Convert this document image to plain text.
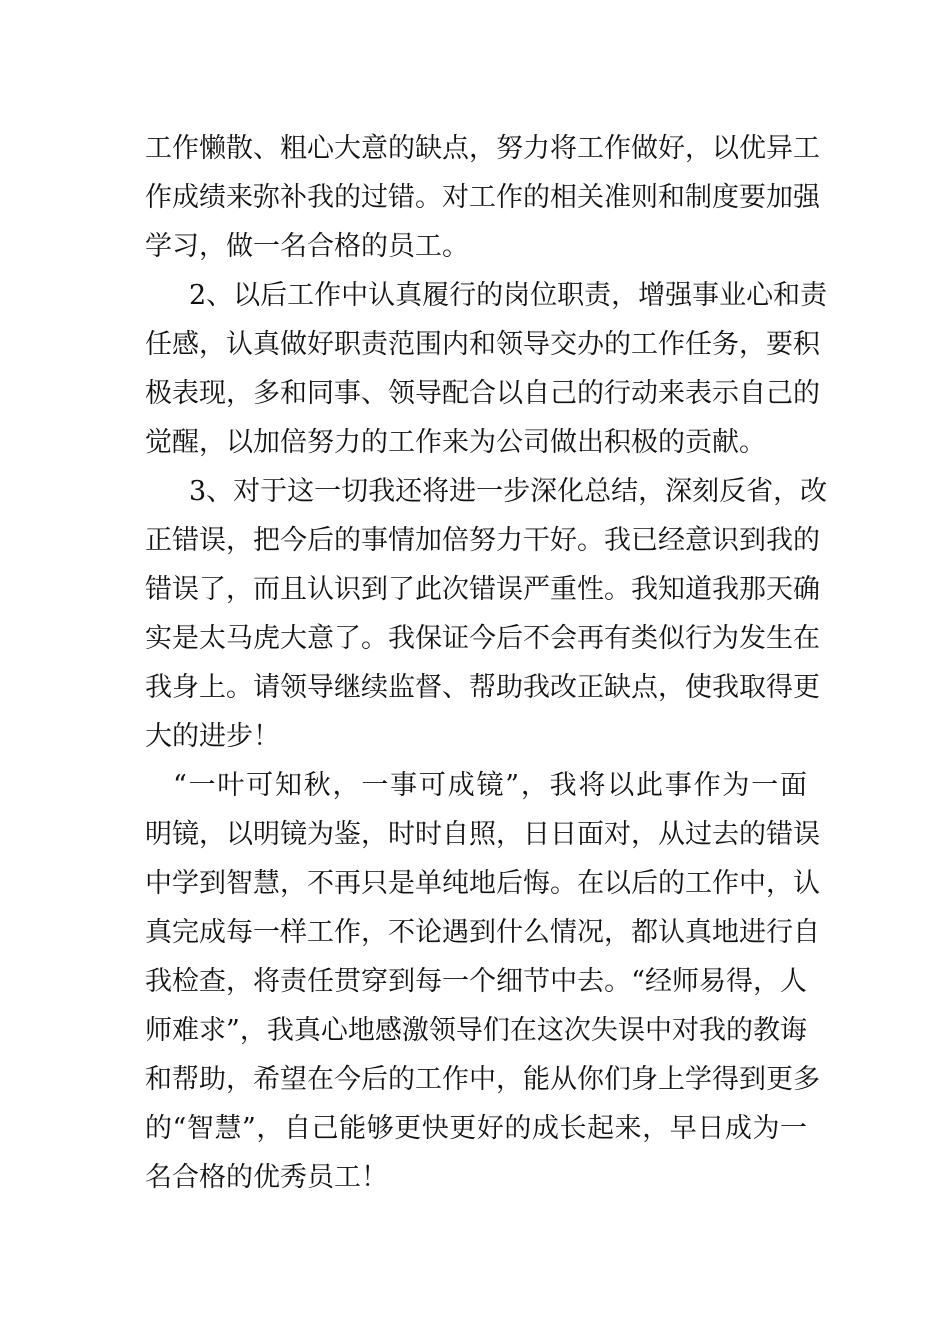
工作懒散、粗心大意的缺点，努力将工作做好，以优异工
作成绩来弥补我的过错。对工作的相关准则和制度要加强
学习，做一名合格的员工。
2、以后工作中认真履行的岗位职责，增强事业心和责
任感，认真做好职责范围内和领导交办的工作任务，要积
极表现，多和同事、领导配合以自己的行动来表示自己的
觉醒，以加倍努力的工作来为公司做出积极的贡献。
3、对于这一切我还将进一步深化总结，深刻反省，改
正错误，把今后的事情加倍努力干好。我已经意识到我的
错误了，而且认识到了此次错误严重性。我知道我那天确
实是太马虎大意了。我保证今后不会再有类似行为发生在
我身上。请领导继续监督、帮助我改正缺点，使我取得更
大的进步！
“一叶可知秋，一事可成镜”，我将以此事作为一面
明镜，以明镜为鉴，时时自照，日日面对，从过去的错误
中学到智慧，不再只是单纯地后悔。在以后的工作中，认
真完成每一样工作，不论遇到什么情况，都认真地进行自
我检查，将责任贯穿到每一个细节中去。“经师易得，人
师难求”，我真心地感激领导们在这次失误中对我的教诲
和帮助，希望在今后的工作中，能从你们身上学得到更多
的“智慧”，自己能够更快更好的成长起来，早日成为一
名合格的优秀员工！
